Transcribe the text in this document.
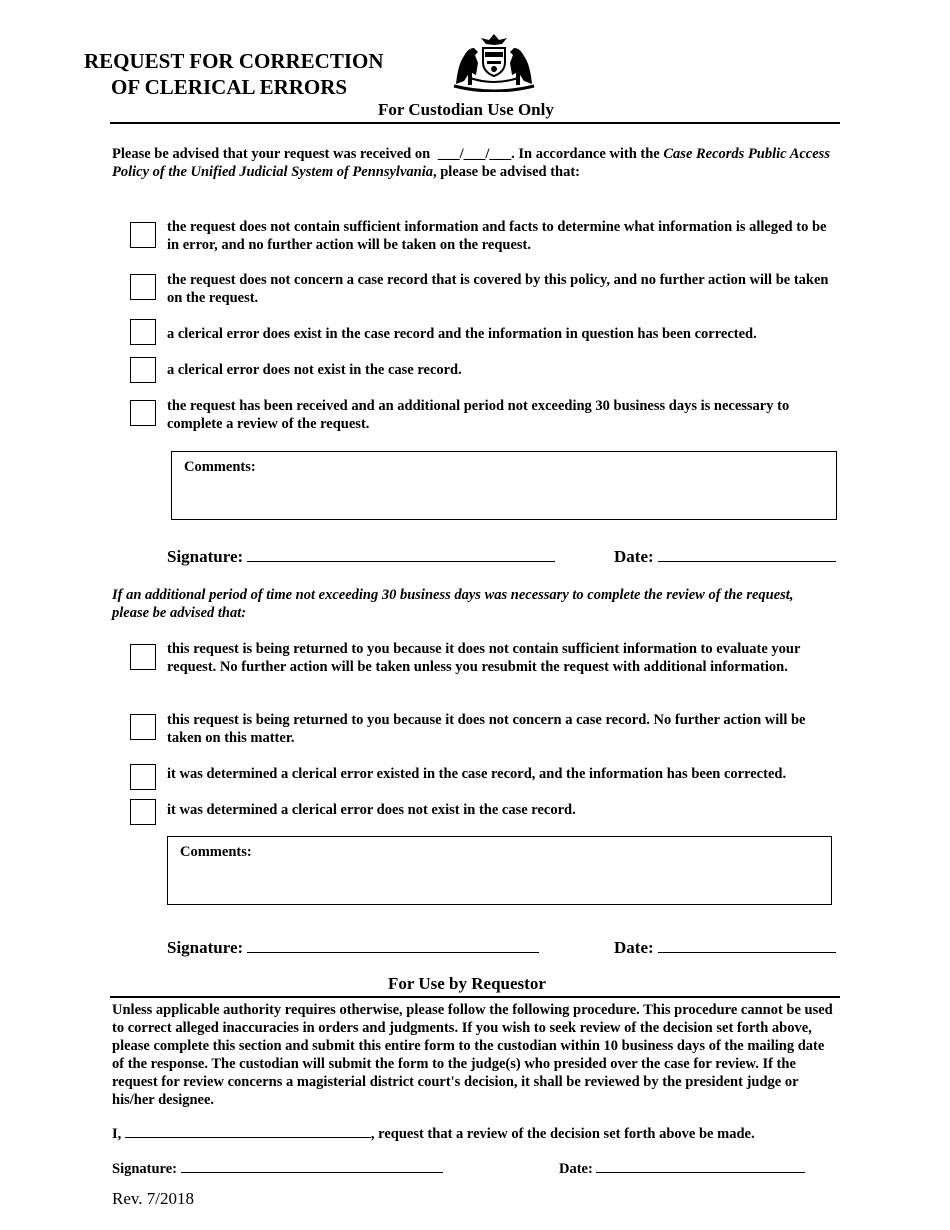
REQUEST FOR CORRECTION

OF CLERICAL ERRORS
For Custodian Use Only
Please be advised that your request was received on ___/___/___. In accordance with the Case Records Public Access Policy of the Unified Judicial System of Pennsylvania, please be advised that:
the request does not contain sufficient information and facts to determine what information is alleged to be in error, and no further action will be taken on the request.
the request does not concern a case record that is covered by this policy, and no further action will be taken on the request.
a clerical error does exist in the case record and the information in question has been corrected.
a clerical error does not exist in the case record.
the request has been received and an additional period not exceeding 30 business days is necessary to complete a review of the request.
Comments:
Signature:	Date:
If an additional period of time not exceeding 30 business days was necessary to complete the review of the request, please be advised that:
this request is being returned to you because it does not contain sufficient information to evaluate your request. No further action will be taken unless you resubmit the request with additional information.
this request is being returned to you because it does not concern a case record. No further action will be taken on this matter.
it was determined a clerical error existed in the case record, and the information has been corrected.
it was determined a clerical error does not exist in the case record.
Comments:
Signature:	Date:
For Use by Requestor
Unless applicable authority requires otherwise, please follow the following procedure. This procedure cannot be used to correct alleged inaccuracies in orders and judgments. If you wish to seek review of the decision set forth above, please complete this section and submit this entire form to the custodian within 10 business days of the mailing date of the response. The custodian will submit the form to the judge(s) who presided over the case for review. If the request for review concerns a magisterial district court's decision, it shall be reviewed by the president judge or his/her designee.
I,	, request that a review of the decision set forth above be made.
Signature:	Date:
Rev. 7/2018
